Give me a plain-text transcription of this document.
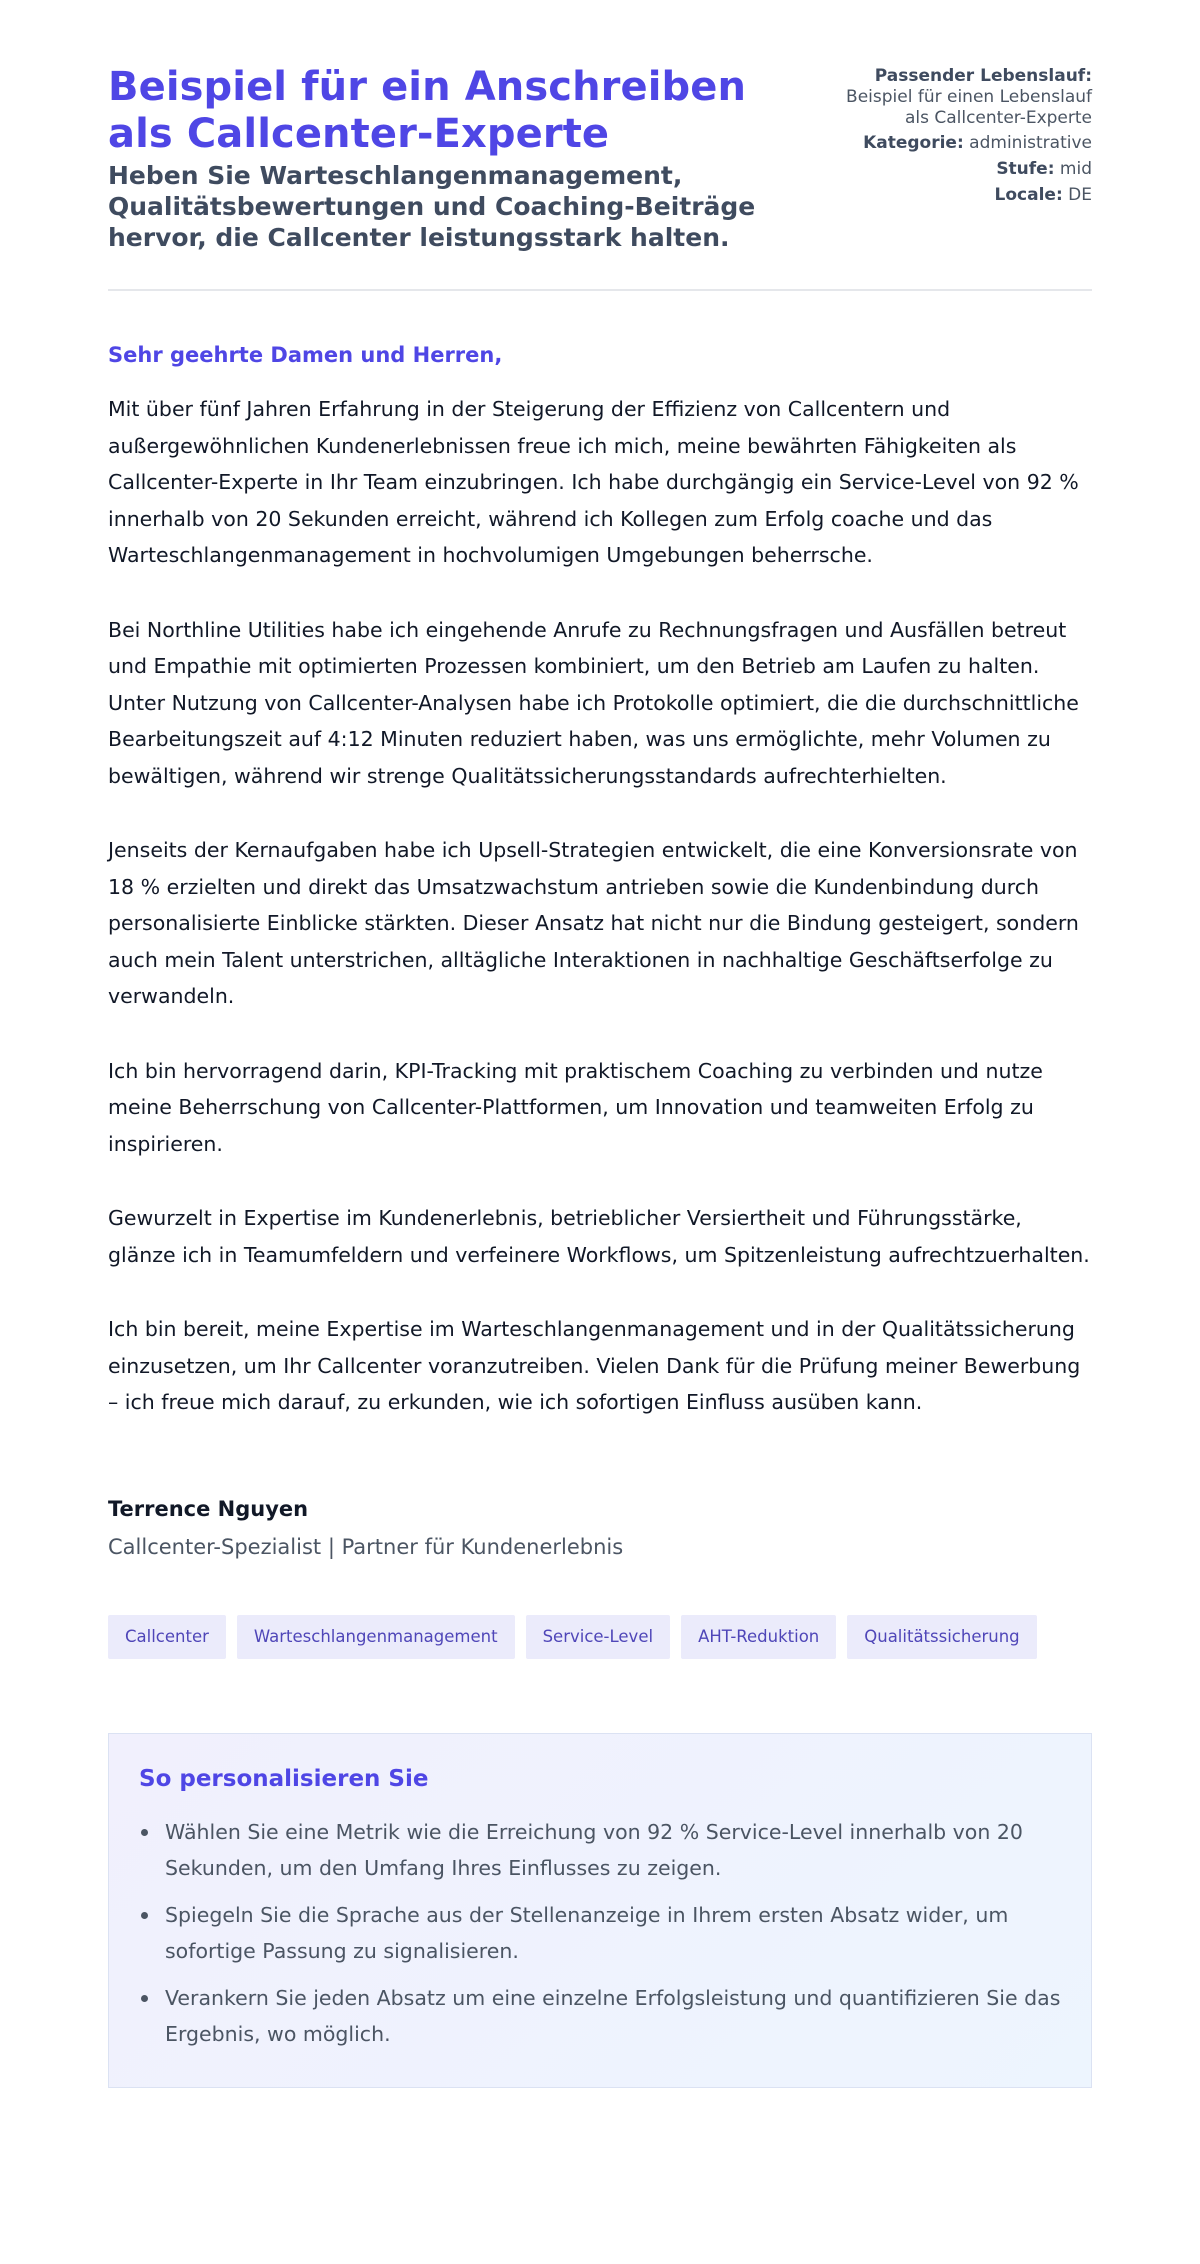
Beispiel für ein Anschreiben als Callcenter-Experte
Heben Sie Warteschlangenmanagement, Qualitätsbewertungen und Coaching-Beiträge hervor, die Callcenter leistungsstark halten.
Passender Lebenslauf:
Beispiel für einen Lebenslauf als Callcenter-Experte
Kategorie: administrative
Stufe: mid
Locale: DE

Sehr geehrte Damen und Herren,

Mit über fünf Jahren Erfahrung in der Steigerung der Effizienz von Callcentern und außergewöhnlichen Kundenerlebnissen freue ich mich, meine bewährten Fähigkeiten als Callcenter-Experte in Ihr Team einzubringen. Ich habe durchgängig ein Service-Level von 92 % innerhalb von 20 Sekunden erreicht, während ich Kollegen zum Erfolg coache und das Warteschlangenmanagement in hochvolumigen Umgebungen beherrsche.

Bei Northline Utilities habe ich eingehende Anrufe zu Rechnungsfragen und Ausfällen betreut und Empathie mit optimierten Prozessen kombiniert, um den Betrieb am Laufen zu halten. Unter Nutzung von Callcenter-Analysen habe ich Protokolle optimiert, die die durchschnittliche Bearbeitungszeit auf 4:12 Minuten reduziert haben, was uns ermöglichte, mehr Volumen zu bewältigen, während wir strenge Qualitätssicherungsstandards aufrechterhielten.

Jenseits der Kernaufgaben habe ich Upsell-Strategien entwickelt, die eine Konversionsrate von 18 % erzielten und direkt das Umsatzwachstum antrieben sowie die Kundenbindung durch personalisierte Einblicke stärkten. Dieser Ansatz hat nicht nur die Bindung gesteigert, sondern auch mein Talent unterstrichen, alltägliche Interaktionen in nachhaltige Geschäftserfolge zu verwandeln.

Ich bin hervorragend darin, KPI-Tracking mit praktischem Coaching zu verbinden und nutze meine Beherrschung von Callcenter-Plattformen, um Innovation und teamweiten Erfolg zu inspirieren.

Gewurzelt in Expertise im Kundenerlebnis, betrieblicher Versiertheit und Führungsstärke, glänze ich in Teamumfeldern und verfeinere Workflows, um Spitzenleistung aufrechtzuerhalten.

Ich bin bereit, meine Expertise im Warteschlangenmanagement und in der Qualitätssicherung einzusetzen, um Ihr Callcenter voranzutreiben. Vielen Dank für die Prüfung meiner Bewerbung – ich freue mich darauf, zu erkunden, wie ich sofortigen Einfluss ausüben kann.

Terrence Nguyen
Callcenter-Spezialist | Partner für Kundenerlebnis
Callcenter	Warteschlangenmanagement	Service-Level	AHT-Reduktion	Qualitätssicherung
So personalisieren Sie
Wählen Sie eine Metrik wie die Erreichung von 92 % Service-Level innerhalb von 20 Sekunden, um den Umfang Ihres Einflusses zu zeigen.
Spiegeln Sie die Sprache aus der Stellenanzeige in Ihrem ersten Absatz wider, um sofortige Passung zu signalisieren.
Verankern Sie jeden Absatz um eine einzelne Erfolgsleistung und quantifizieren Sie das Ergebnis, wo möglich.
